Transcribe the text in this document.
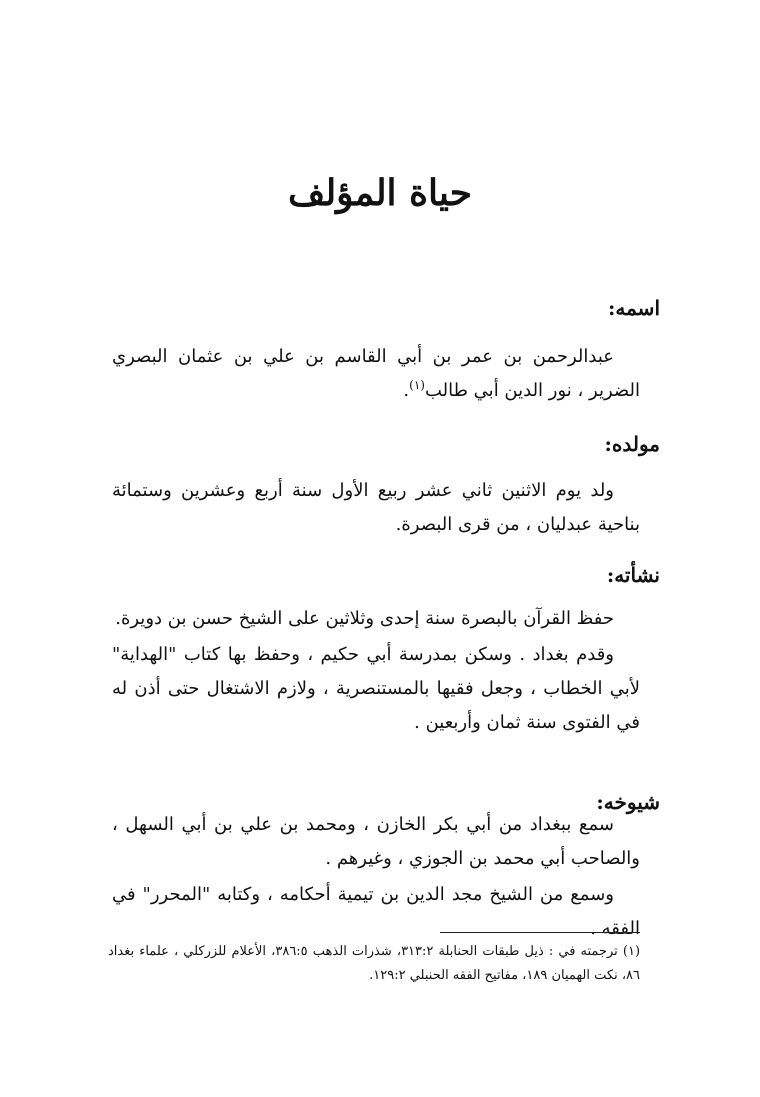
حياة المؤلف
اسمه:

عبدالرحمن بن عمر بن أبي القاسم بن علي بن عثمان البصري الضرير ، نور الدين أبي طالب$^{(١)}$.

مولده:

ولد يوم الاثنين ثاني عشر ربيع الأول سنة أربع وعشرين وستمائة بناحية عبدليان ، من قرى البصرة.

نشأته:

حفظ القرآن بالبصرة سنة إحدى وثلاثين على الشيخ حسن بن دويرة.

وقدم بغداد . وسكن بمدرسة أبي حكيم ، وحفظ بها كتاب "الهداية" لأبي الخطاب ، وجعل فقيها بالمستنصرية ، ولازم الاشتغال حتى أذن له في الفتوى سنة ثمان وأربعين .

شيوخه:

سمع ببغداد من أبي بكر الخازن ، ومحمد بن علي بن أبي السهل ، والصاحب أبي محمد بن الجوزي ، وغيرهم .

وسمع من الشيخ مجد الدين بن تيمية أحكامه ، وكتابه "المحرر" في الفقه .

(١) ترجمته في : ذيل طبقات الحنابلة ٣١٣:٢، شذرات الذهب ٣٨٦:٥، الأعلام للزركلي ، علماء بغداد ٨٦، نكت الهميان ١٨٩، مفاتيح الفقه الحنبلي ١٢٩:٢.
